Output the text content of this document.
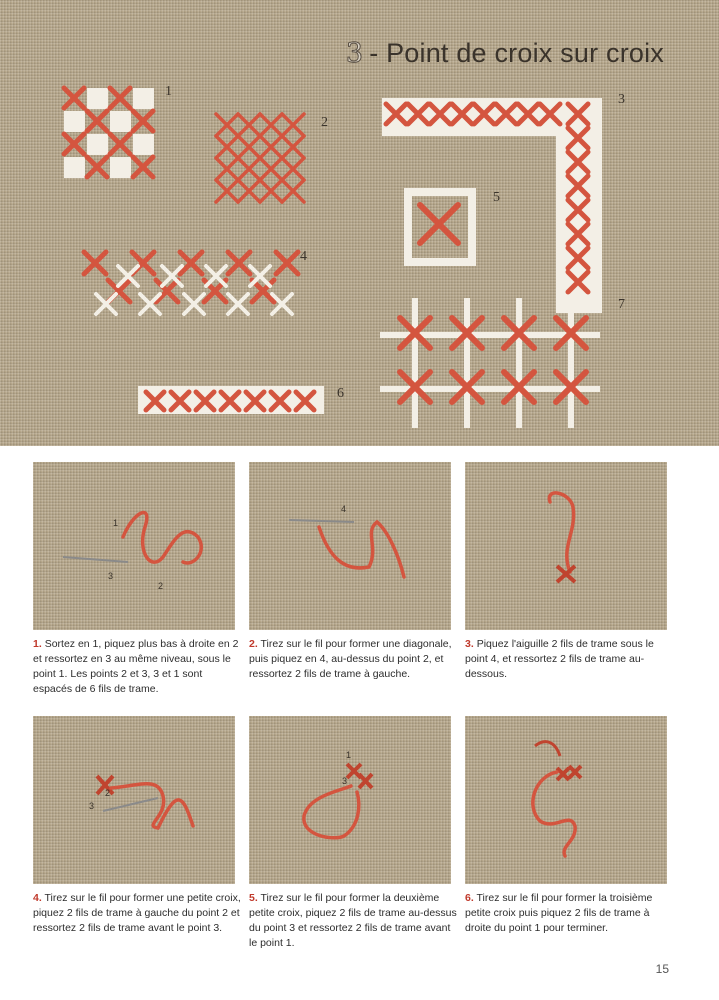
3 - Point de croix sur croix
1
2
3
4
5
6
7
1
3
2
4
3
2
1
3
1. Sortez en 1, piquez plus bas à droite en 2 et ressortez en 3 au même niveau, sous le point 1. Les points 2 et 3, 3 et 1 sont espacés de 6 fils de trame.
2. Tirez sur le fil pour former une diagonale, puis piquez en 4, au-dessus du point 2, et ressortez 2 fils de trame à gauche.
3. Piquez l'aiguille 2 fils de trame sous le point 4, et ressortez 2 fils de trame au-dessous.
4. Tirez sur le fil pour former une petite croix, piquez 2 fils de trame à gauche du point 2 et ressortez 2 fils de trame avant le point 3.
5. Tirez sur le fil pour former la deuxième petite croix, piquez 2 fils de trame au-dessus du point 3 et ressortez 2 fils de trame avant le point 1.
6. Tirez sur le fil pour former la troisième petite croix puis piquez 2 fils de trame à droite du point 1 pour terminer.
15
